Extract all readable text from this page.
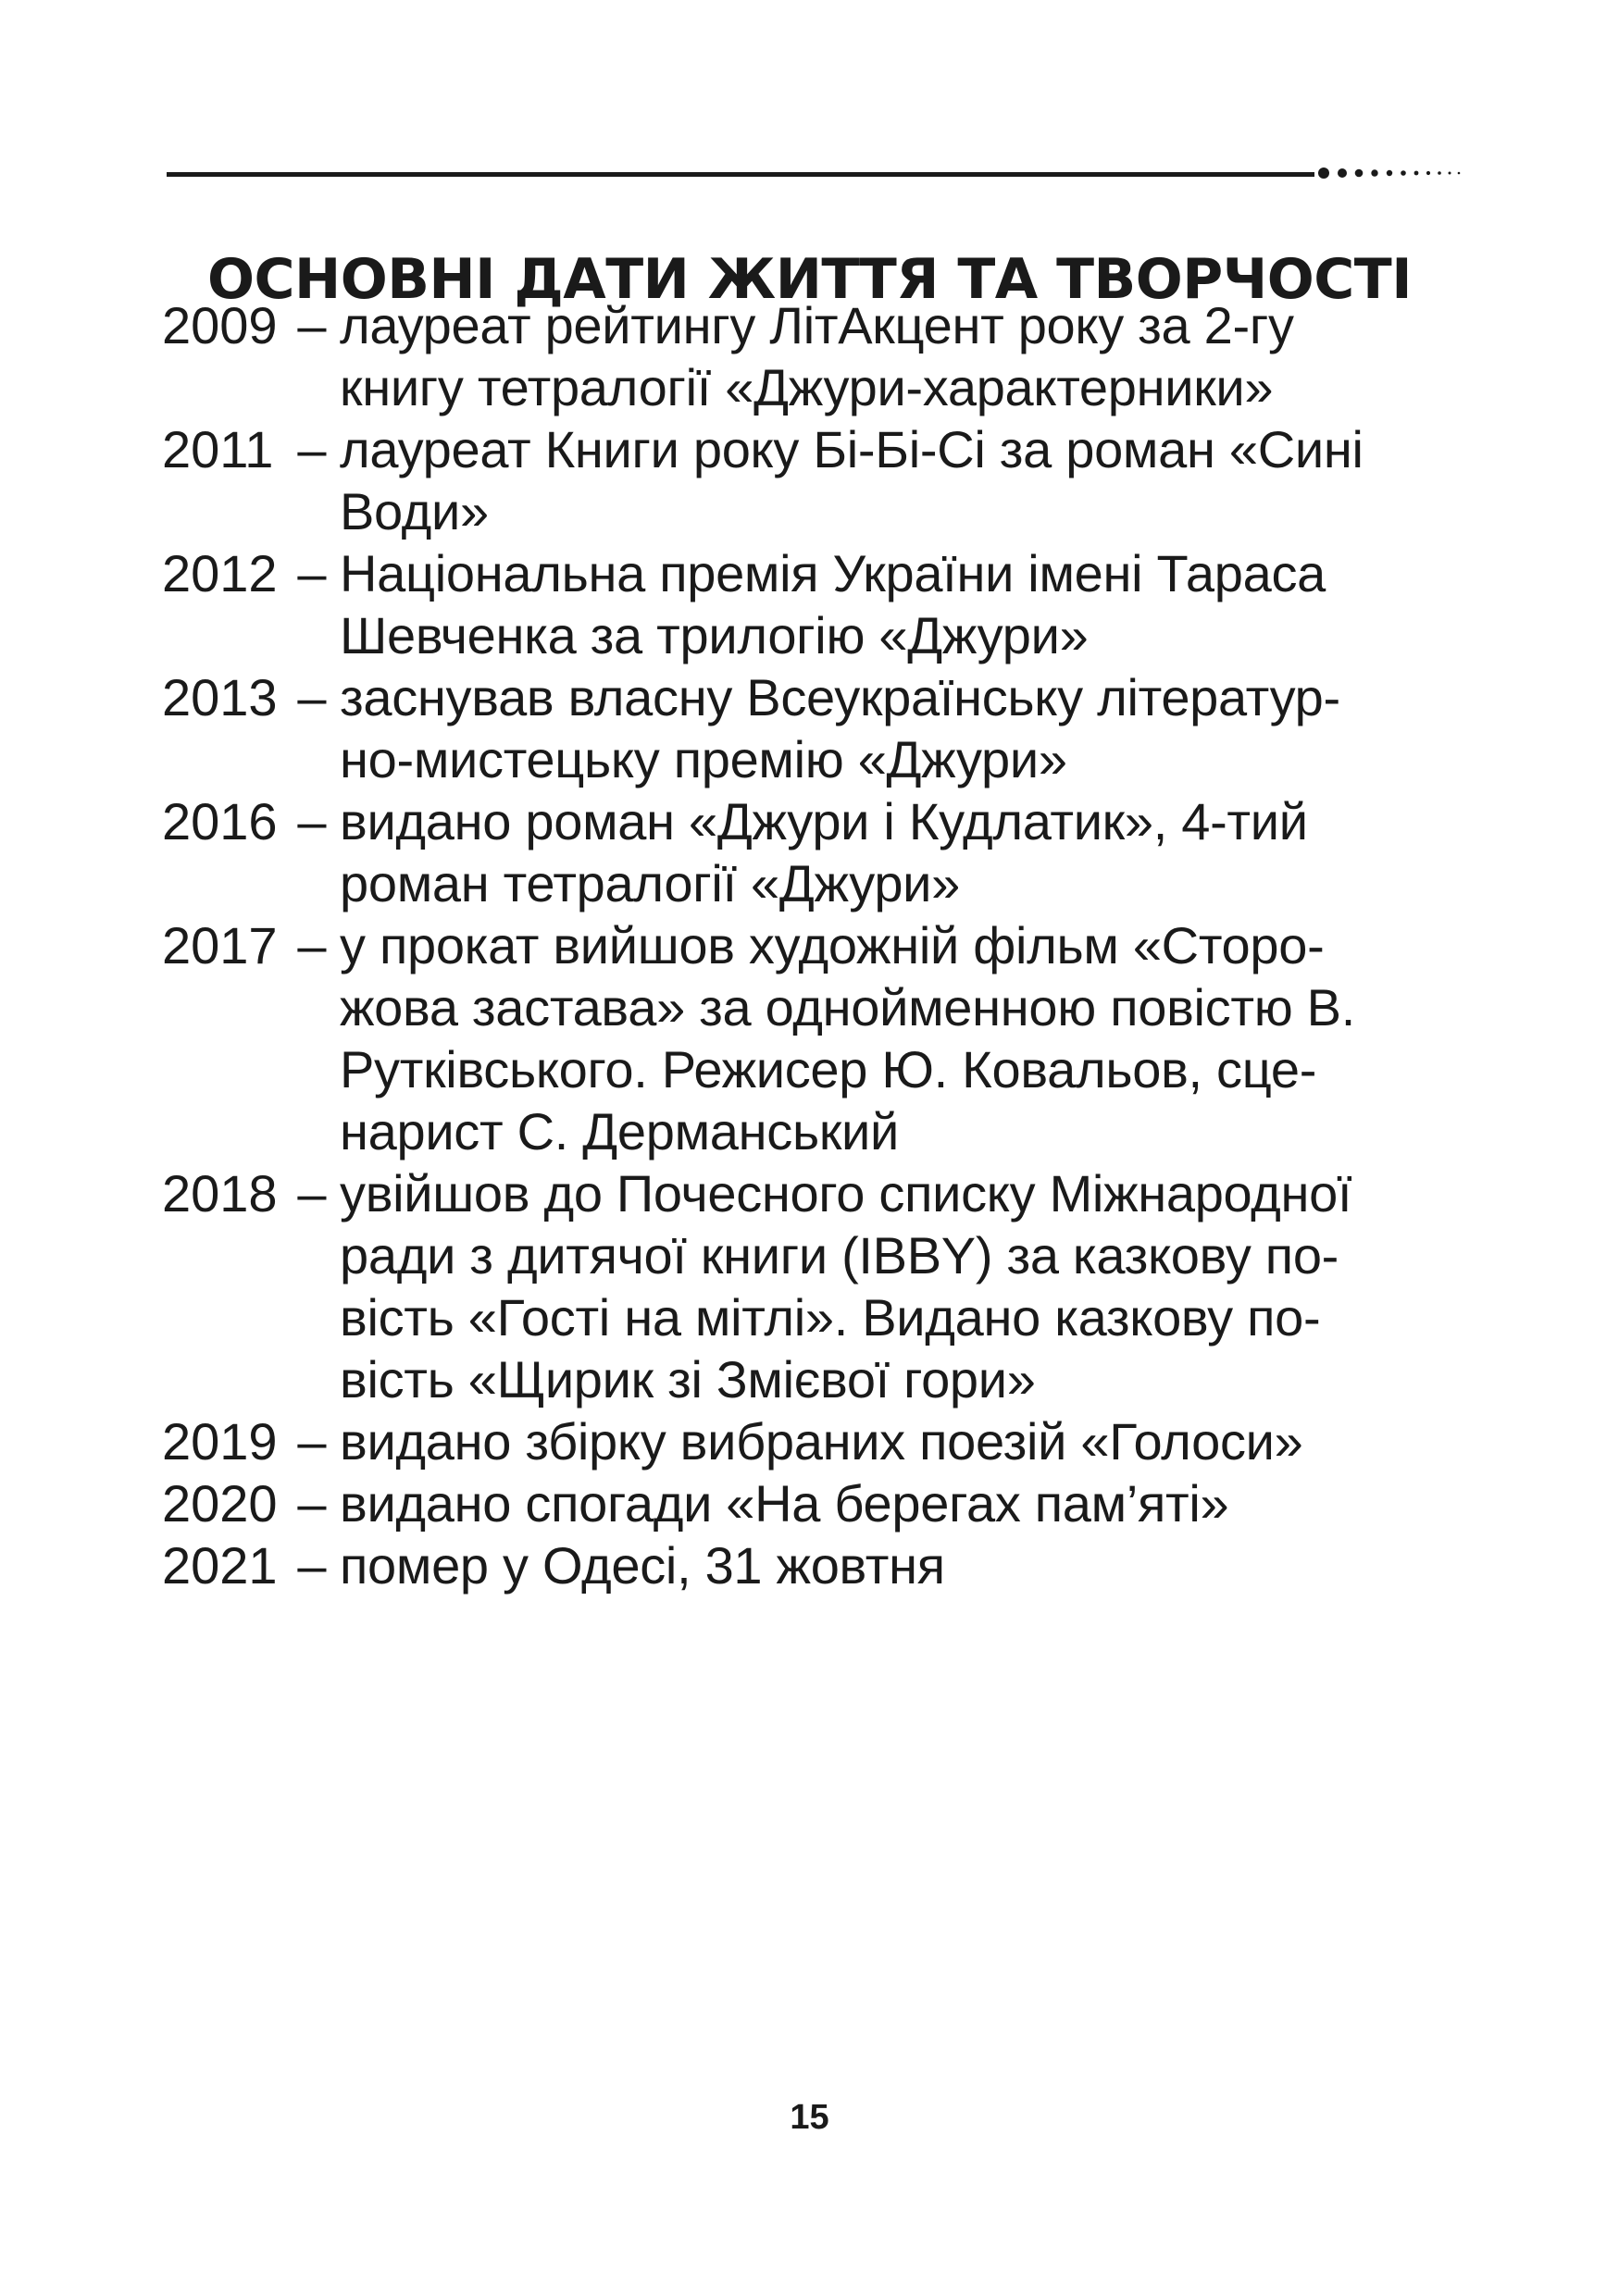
ОСНОВНІ ДАТИ ЖИТТЯ ТА ТВОРЧОСТІ
2009 – лауреат рейтингу ЛітАкцент року за 2-гу
книгу тетралогії «Джури-характерники»
2011 – лауреат Книги року Бі-Бі-Сі за роман «Сині
Води»
2012 – Національна премія України імені Тараса
Шевченка за трилогію «Джури»
2013 – заснував власну Всеукраїнську літератур-
но-мистецьку премію «Джури»
2016 – видано роман «Джури і Кудлатик», 4-тий
роман тетралогії «Джури»
2017 – у прокат вийшов художній фільм «Сторо-
жова застава» за однойменною повістю В.
Рутківського. Режисер Ю. Ковальов, сце-
нарист С. Дерманський
2018 – увійшов до Почесного списку Міжнародної
ради з дитячої книги (IBBY) за казкову по-
вість «Гості на мітлі». Видано казкову по-
вість «Щирик зі Змієвої гори»
2019 – видано збірку вибраних поезій «Голоси»
2020 – видано спогади «На берегах пам’яті»
2021 – помер у Одесі, 31 жовтня
15
